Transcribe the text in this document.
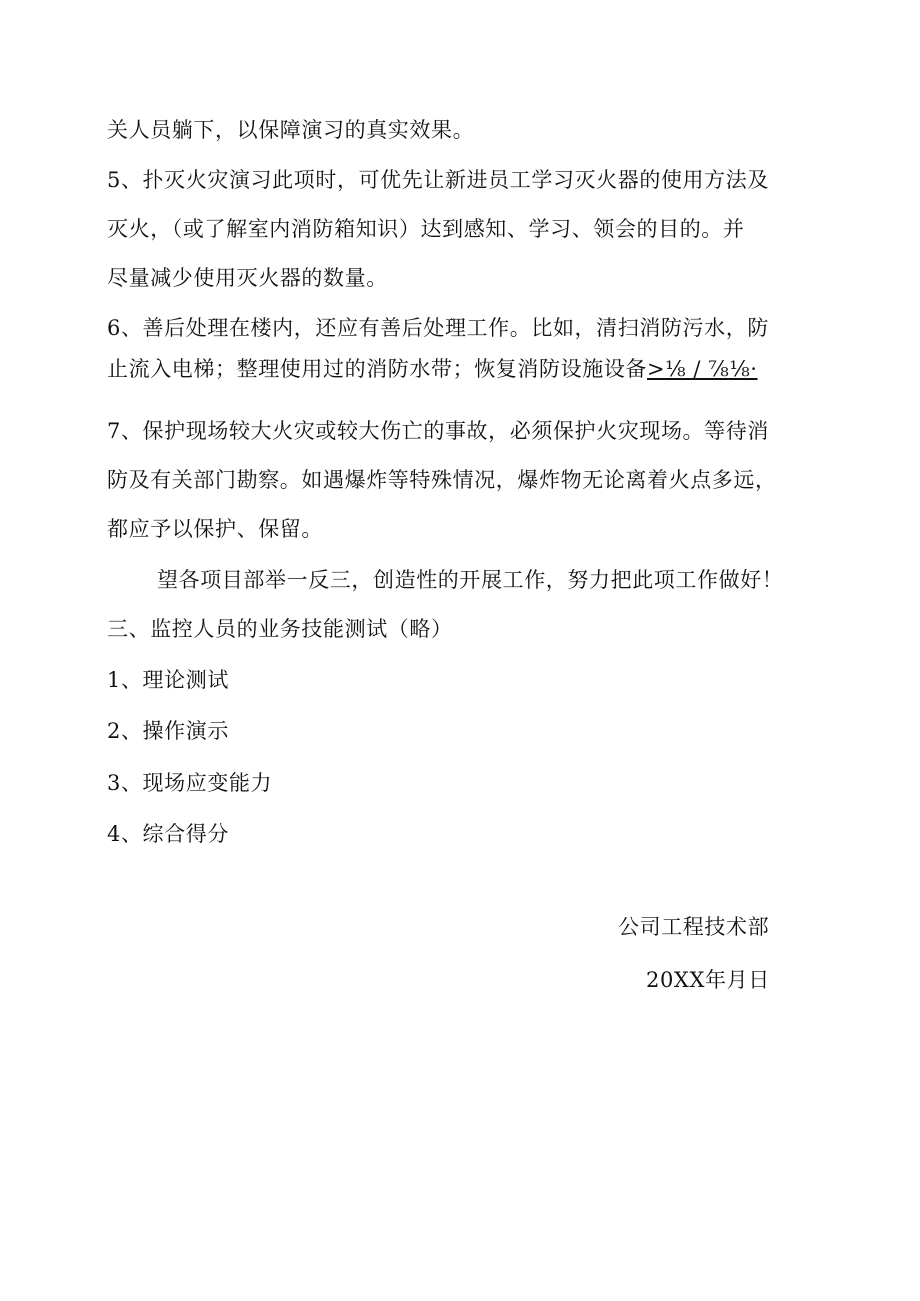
关人员躺下，以保障演习的真实效果。
5、扑灭火灾演习此项时，可优先让新进员工学习灭火器的使用方法及
灭火，（或了解室内消防箱知识）达到感知、学习、领会的目的。并
尽量减少使用灭火器的数量。
6、善后处理在楼内，还应有善后处理工作。比如，清扫消防污水，防
止流入电梯；整理使用过的消防水带；恢复消防设施设备>⅛ / ⅞⅛·
7、保护现场较大火灾或较大伤亡的事故，必须保护火灾现场。等待消
防及有关部门勘察。如遇爆炸等特殊情况，爆炸物无论离着火点多远，
都应予以保护、保留。
望各项目部举一反三，创造性的开展工作，努力把此项工作做好！
三、监控人员的业务技能测试（略）
1、理论测试
2、操作演示
3、现场应变能力
4、综合得分
公司工程技术部
20XX年月日
